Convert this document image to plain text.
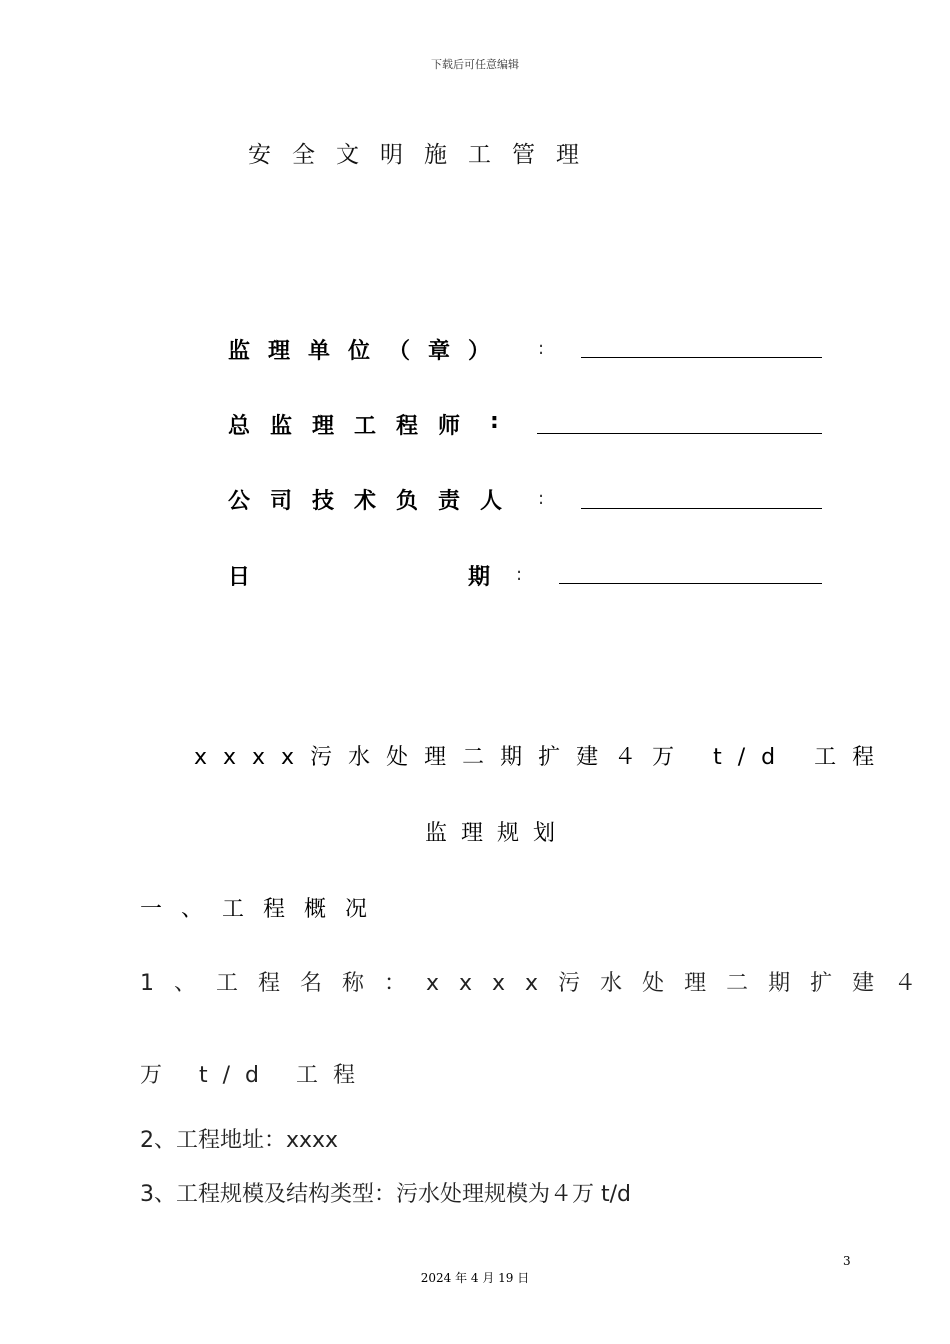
下载后可任意编辑
安全文明施工管理
监理单位（章） :
总监理工程师 :
公司技术负责人 :
日	期 :
xxxx污水处理二期扩建４万 t/d 工程
监理规划
一、工程概况
1、工程名称：xxxx污水处理二期扩建４
万 t/d 工程
2、工程地址：xxxx
3、工程规模及结构类型：污水处理规模为４万 t/d
3
2024 年 4 月 19 日
